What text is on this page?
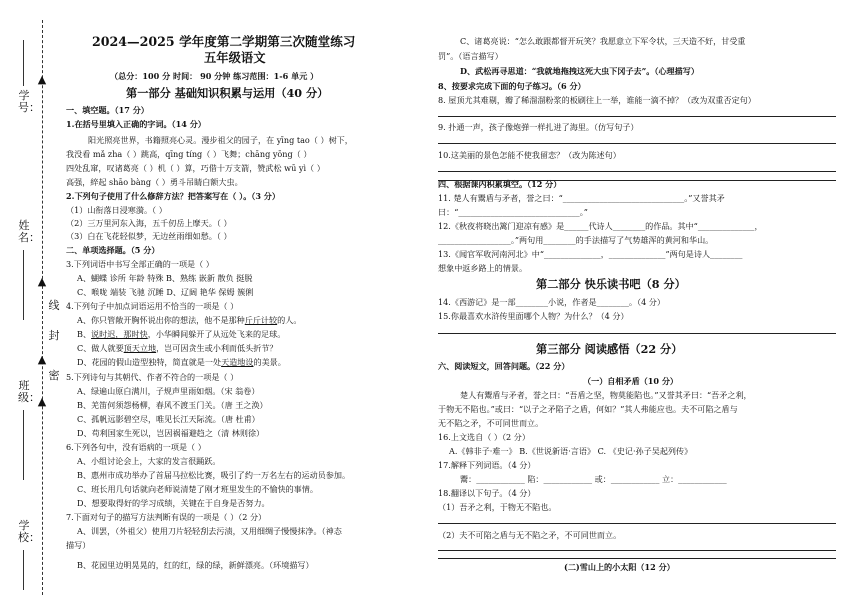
学号：
姓名：
班级：
学校：
线
封
密
▲
▲
▲
▲
2024—2025 学年度第二学期第三次随堂练习
五年级语文
（总分：100 分 时间： 90 分钟 练习范围：1-6 单元 ）
第一部分 基础知识积累与运用（40 分）
一、填空题。（17 分）
1.在括号里填入正确的字词。（14 分）
阳光照亮世界，书籍照亮心灵。漫步祖父的园子，在 yīng tao（ ）树下，
我没看 mǎ zha（ ）跳高，qīng tíng（ ）飞舞；chāng yōng（ ）
四处乱窜，叹诸葛亮（ ）机（ ）算，巧借十万支箭，赞武松 wū yì（ ）
高强，綷起 shāo bàng（ ）勇斗吊睛白额大虫。
2.下列句子使用了什么修辞方法？把答案写在（ ）。（3 分）
（1）山衔落日浸寒漪。（ ）
（2）三万里河东入海，五千仞岳上摩天。（ ）
（3）白在飞花轻似梦，无边丝雨细如愁。（ ）
二、单项选择题。（5 分）
3.下列词语中书写全部正确的一项是（ ）
A、蝴蝶 诊所 年龄 特殊 B、熟练 嵌新 散负 挺脱
C、喉咙 端装 飞驰 沉睡 D、辽阔 艳华 保姆 簇俐
4.下列句子中加点词语运用不恰当的一项是（ ）
A、你只管敞开胸怀说出你的想法，他不是那种斤斤计较的人。
B、说时迟，那时快，小华瞬间躲开了从远处飞来的足球。
C、做人就要顶天立地，岂可因贪生或小利而低头折节？
D、花园的假山造型独特，简直就是一处天造地设的美景。
5.下列诗句与其朝代、作者不符合的一项是（ ）
A、绿遍山原白满川，子规声里雨如烟。（宋 翁卷）
B、羌笛何须怨杨柳，春风不渡玉门关。（唐 王之涣）
C、孤帆远影碧空尽，唯见长江天际流。（唐 杜甫）
D、苟利国家生死以，岂因祸福避趋之（清 林则徐）
6.下列各句中，没有语病的一项是（ ）
A、小组讨论会上，大家的发言很踊跃。
B、惠州市成功举办了首届马拉松比赛，吸引了约一万名左右的运动员参加。
C、班长用几句话就向老师说清楚了刚才班里发生的不愉快的事情。
D、想要取得好的学习成绩，关键在于自身是否努力。
7.下面对句子的描写方法判断有误的一项是（ ）（2 分）
A、训罢，（外祖父）使用刀片轻轻刮去污渍，又用细绸子慢慢抹净。（神态
描写）
B、花园里边明晃晃的，红的红，绿的绿，新鲜漂亮。（环境描写）
C、诸葛亮说：“怎么敢跟都督开玩笑？我愿意立下军令状，三天造不好，甘受重
罚”。（语言描写）
D、武松再寻思道：“我就地拖拽这死大虫下冈子去”。（心理描写）
8、按要求完成下面的句子练习。（6 分）
8. 屋顶尤其难剔，瓣了稀溜溜粉浆的板刷往上一举，谁能一滴不掉？（改为双重否定句）
9. 扑通一声，孩子像炮弹一样扎进了海里。（仿写句子）
10.这美丽的景色怎能不使我留恋？（改为陈述句）
四、根据课内积累填空。（12 分）
11. 楚人有鬻盾与矛者，誉之曰：“______________________________。”又誉其矛
曰：“______________________________。”
12.《秋夜将晓出篱门迎凉有感》是______代诗人________的作品。其中“______________，
__________________。”两句用________的手法描写了气势雄浑的黄河和华山。
13.《闻官军收河南河北》中“______________，______________”两句是诗人________
想象中返乡路上的情景。
第二部分 快乐读书吧（8 分）
14.《西游记》是一部________小说，作者是________。（4 分）
15.你最喜欢水浒传里面哪个人物？为什么？（4 分）
第三部分 阅读感悟（22 分）
六、阅读短文，回答问题。（22 分）
（一）自相矛盾（10 分）
楚人有鬻盾与矛者，誉之曰：“吾盾之坚，物莫能陷也。”又誉其矛曰：“吾矛之利，
于物无不陷也。”或曰：“以子之矛陷子之盾，何如？”其人弗能应也。夫不可陷之盾与
无不陷之矛，不可同世而立。
16.上文选自（ ）（2 分）
A.《韩非子·难一》 B.《世说新语·言语》 C. 《史记·孙子吴起列传》
17.解释下列词语。（4 分）
鬻：____________ 陷：____________ 或：____________ 立：____________
18.翻译以下句子。（4 分）
（1）吾矛之利，于物无不陷也。
（2）夫不可陷之盾与无不陷之矛，不可同世而立。
(二)雪山上的小太阳（12 分）
